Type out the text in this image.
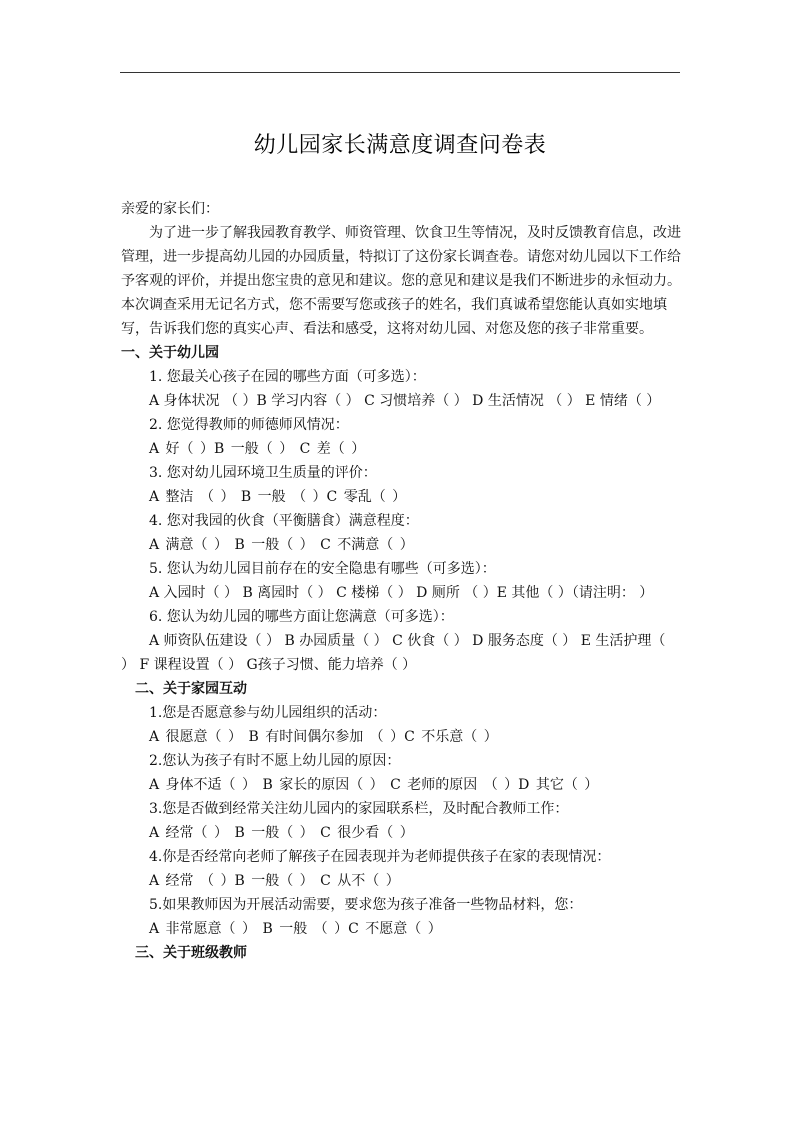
幼儿园家长满意度调查问卷表

亲爱的家长们：

为了进一步了解我园教育教学、师资管理、饮食卫生等情况，及时反馈教育信息，改进管理，进一步提高幼儿园的办园质量，特拟订了这份家长调查卷。请您对幼儿园以下工作给予客观的评价，并提出您宝贵的意见和建议。您的意见和建议是我们不断进步的永恒动力。本次调查采用无记名方式，您不需要写您或孩子的姓名，我们真诚希望您能认真如实地填写，告诉我们您的真实心声、看法和感受，这将对幼儿园、对您及您的孩子非常重要。

一、关于幼儿园

1. 您最关心孩子在园的哪些方面（可多选）：

A 身体状况 （ ）B 学习内容（ ） C 习惯培养（ ） D 生活情况 （ ） E 情绪（ ）

2. 您觉得教师的师德师风情况：

A 好（ ）B 一般（ ） C 差（ ）

3. 您对幼儿园环境卫生质量的评价：

A 整洁 （ ） B 一般 （ ）C 零乱（ ）

4. 您对我园的伙食（平衡膳食）满意程度：

A 满意（ ） B 一般（ ） C 不满意（ ）

5. 您认为幼儿园目前存在的安全隐患有哪些（可多选）：

A 入园时（ ） B 离园时（ ） C 楼梯（ ） D 厕所 （ ）E 其他（ ）（请注明： ）

6. 您认为幼儿园的哪些方面让您满意（可多选）：

A 师资队伍建设（ ） B 办园质量（ ） C 伙食（ ） D 服务态度（ ） E 生活护理（ ） F 课程设置（ ） G孩子习惯、能力培养（ ）

二、关于家园互动

1.您是否愿意参与幼儿园组织的活动：

A 很愿意（ ） B 有时间偶尔参加 （ ）C 不乐意（ ）

2.您认为孩子有时不愿上幼儿园的原因：

A 身体不适（ ） B 家长的原因（ ） C 老师的原因 （ ）D 其它（ ）

3.您是否做到经常关注幼儿园内的家园联系栏，及时配合教师工作：

A 经常（ ） B 一般（ ） C 很少看（ ）

4.你是否经常向老师了解孩子在园表现并为老师提供孩子在家的表现情况：

A 经常 （ ）B 一般（ ） C 从不（ ）

5.如果教师因为开展活动需要，要求您为孩子准备一些物品材料，您：

A 非常愿意（ ） B 一般 （ ）C 不愿意（ ）

三、关于班级教师
